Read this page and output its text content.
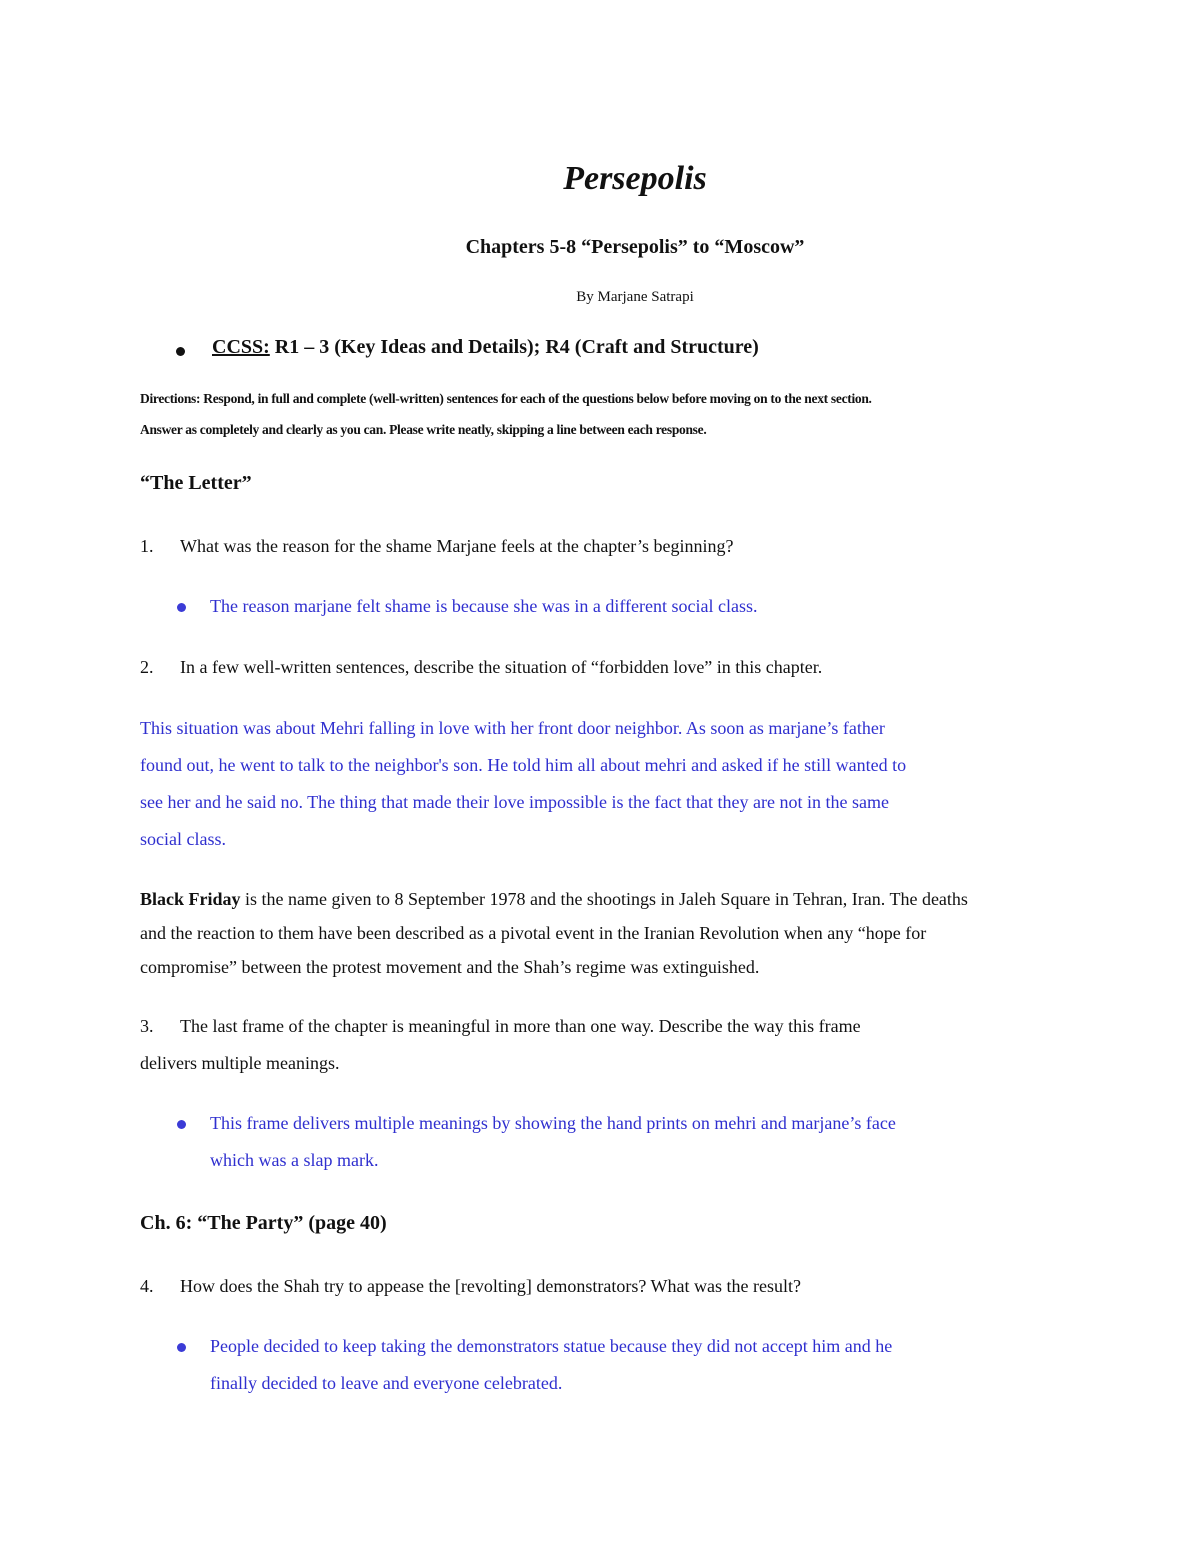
Persepolis
Chapters 5-8 “Persepolis” to “Moscow”
By Marjane Satrapi
CCSS: R1 – 3 (Key Ideas and Details); R4 (Craft and Structure)
Directions: Respond, in full and complete (well-written) sentences for each of the questions below before moving on to the next section.
Answer as completely and clearly as you can. Please write neatly, skipping a line between each response.
“The Letter”
1. What was the reason for the shame Marjane feels at the chapter’s beginning?
The reason marjane felt shame is because she was in a different social class.
2. In a few well-written sentences, describe the situation of “forbidden love” in this chapter.
This situation was about Mehri falling in love with her front door neighbor. As soon as marjane’s father
found out, he went to talk to the neighbor's son. He told him all about mehri and asked if he still wanted to
see her and he said no. The thing that made their love impossible is the fact that they are not in the same
social class.
Black Friday is the name given to 8 September 1978 and the shootings in Jaleh Square in Tehran, Iran. The deaths
and the reaction to them have been described as a pivotal event in the Iranian Revolution when any “hope for
compromise” between the protest movement and the Shah’s regime was extinguished.
3. The last frame of the chapter is meaningful in more than one way. Describe the way this frame
delivers multiple meanings.
This frame delivers multiple meanings by showing the hand prints on mehri and marjane’s face
which was a slap mark.
Ch. 6: “The Party” (page 40)
4. How does the Shah try to appease the [revolting] demonstrators? What was the result?
People decided to keep taking the demonstrators statue because they did not accept him and he
finally decided to leave and everyone celebrated.
